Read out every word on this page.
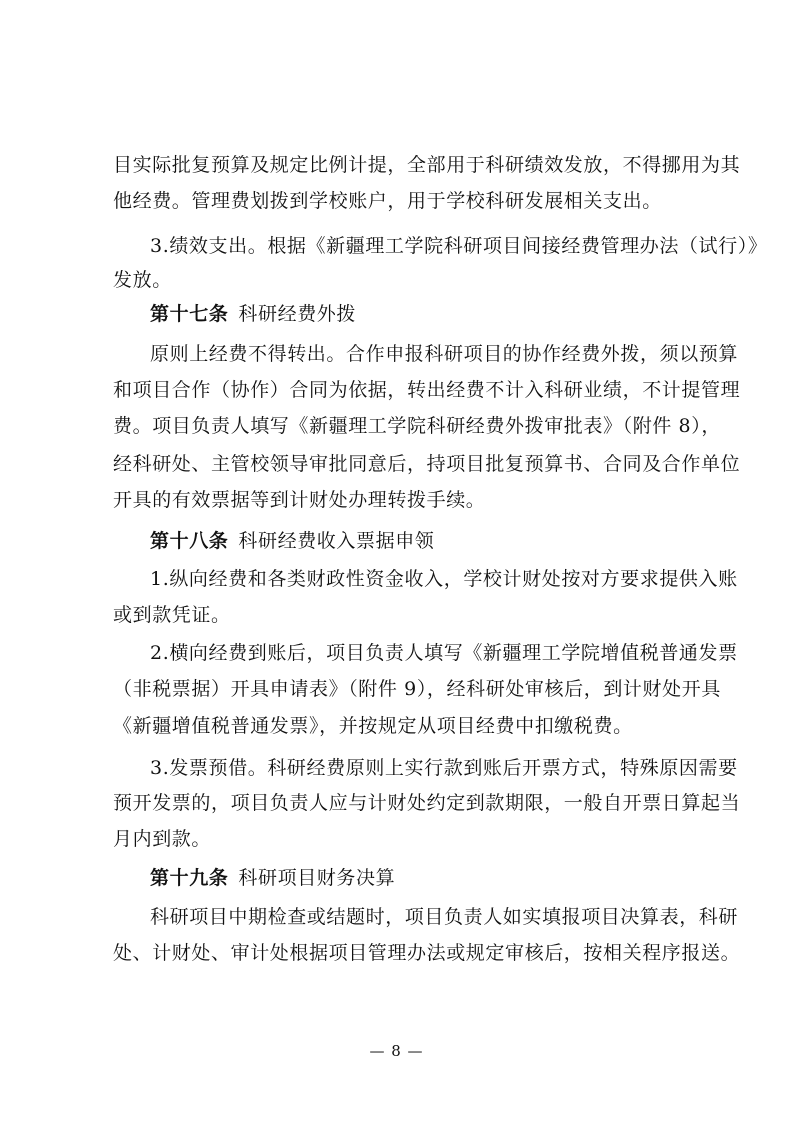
目实际批复预算及规定比例计提，全部用于科研绩效发放，不得挪用为其
他经费。管理费划拨到学校账户，用于学校科研发展相关支出。
3.绩效支出。根据《新疆理工学院科研项目间接经费管理办法（试行）》
发放。
第十七条 科研经费外拨
原则上经费不得转出。合作申报科研项目的协作经费外拨，须以预算
和项目合作（协作）合同为依据，转出经费不计入科研业绩，不计提管理
费。项目负责人填写《新疆理工学院科研经费外拨审批表》（附件 8），
经科研处、主管校领导审批同意后，持项目批复预算书、合同及合作单位
开具的有效票据等到计财处办理转拨手续。
第十八条 科研经费收入票据申领
1.纵向经费和各类财政性资金收入，学校计财处按对方要求提供入账
或到款凭证。
2.横向经费到账后，项目负责人填写《新疆理工学院增值税普通发票
（非税票据）开具申请表》（附件 9），经科研处审核后，到计财处开具
《新疆增值税普通发票》，并按规定从项目经费中扣缴税费。
3.发票预借。科研经费原则上实行款到账后开票方式，特殊原因需要
预开发票的，项目负责人应与计财处约定到款期限，一般自开票日算起当
月内到款。
第十九条 科研项目财务决算
科研项目中期检查或结题时，项目负责人如实填报项目决算表，科研
处、计财处、审计处根据项目管理办法或规定审核后，按相关程序报送。
— 8 —
